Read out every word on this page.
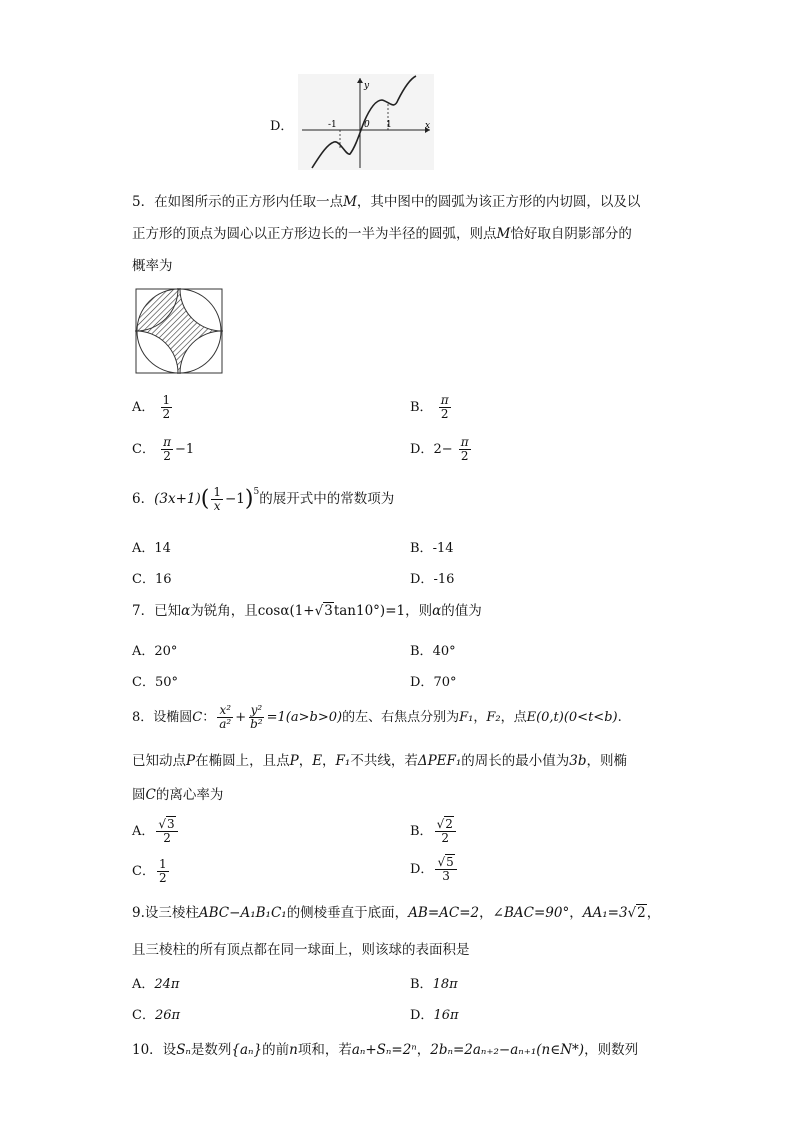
D．
y
x
-1	0 1
5．在如图所示的正方形内任取一点M，其中图中的圆弧为该正方形的内切圆，以及以
正方形的顶点为圆心以正方形边长的一半为半径的圆弧，则点M恰好取自阴影部分的
概率为
A． $\frac{1}{2}$	B． $\frac{\pi}{2}$
C． $\frac{\pi}{2} -1$	D．$2- \frac{\pi}{2}$
6．$(3x+1)( \frac{1}{x} -1)^5$的展开式中的常数项为
A．14	B．-14
C．16	D．-16
7．已知α为锐角，且cosα(1+√3tan10°)=1，则α的值为
A．20°	B．40°
C．50°	D．70°
8．设椭圆C： $\frac{\text{x²}}{\text{a²}} + \frac{\text{y²}}{\text{b²}} =1(a>b>0)$的左、右焦点分别为F₁，F₂，点E(0,t)(0<t<b).
已知动点P在椭圆上，且点P，E，F₁不共线，若ΔPEF₁的周长的最小值为3b，则椭
圆C的离心率为
A． $\frac{√3}{2}$	B． $\frac{√2}{2}$
C． $\frac{1}{2}$	D． $\frac{√5}{3}$
9.设三棱柱ABC−A₁B₁C₁的侧棱垂直于底面，AB=AC=2，∠BAC=90°，AA₁=3√2，
且三棱柱的所有顶点都在同一球面上，则该球的表面积是
A．24π	B．18π
C．26π	D．16π
10．设Sₙ是数列{aₙ}的前n项和，若aₙ+Sₙ=2ⁿ，2bₙ=2aₙ₊₂−aₙ₊₁(n∈N*)，则数列
